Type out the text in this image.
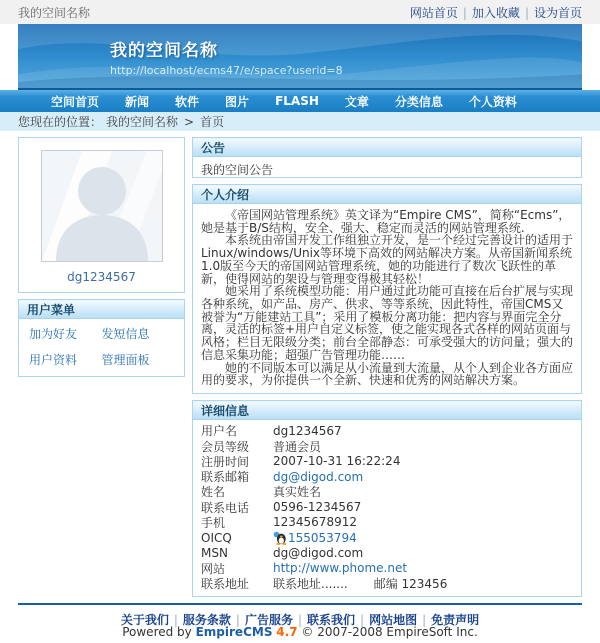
我的空间名称	网站首页 | 加入收藏 | 设为首页
我的空间名称
http://localhost/ecms47/e/space?userid=8
空间首页	新闻	软件	图片	FLASH	文章	分类信息	个人资料
您现在的位置： 我的空间名称 > 首页
dg1234567
用户菜单
加为好友	发短信息
用户资料	管理面板
公告
我的空间公告
个人介绍

《帝国网站管理系统》英文译为“Empire CMS”，简称“Ecms”，她是基于B/S结构，安全、强大、稳定而灵活的网站管理系统.

本系统由帝国开发工作组独立开发，是一个经过完善设计的适用于Linux/windows/Unix等环境下高效的网站解决方案。从帝国新闻系统1.0版至今天的帝国网站管理系统，她的功能进行了数次飞跃性的革新，使得网站的架设与管理变得极其轻松！

她采用了系统模型功能：用户通过此功能可直接在后台扩展与实现各种系统，如产品、房产、供求、等等系统，因此特性，帝国CMS又被誉为“万能建站工具”；采用了模板分离功能：把内容与界面完全分离，灵活的标签+用户自定义标签，使之能实现各式各样的网站页面与风格；栏目无限级分类；前台全部静态：可承受强大的访问量；强大的信息采集功能；超强广告管理功能……

她的不同版本可以满足从小流量到大流量，从个人到企业各方面应用的要求，为你提供一个全新、快速和优秀的网站解决方案。

详细信息
用户名	dg1234567
会员等级	普通会员
注册时间	2007-10-31 16:22:24
联系邮箱	dg@digod.com
姓名	真实姓名
联系电话	0596-1234567
手机	12345678912
OICQ	155053794
MSN	dg@digod.com
网站	http://www.phome.net
联系地址	联系地址....... 邮编 123456
关于我们 | 服务条款 | 广告服务 | 联系我们 | 网站地图 | 免责声明
Powered by EmpireCMS 4.7 © 2007-2008 EmpireSoft Inc.
